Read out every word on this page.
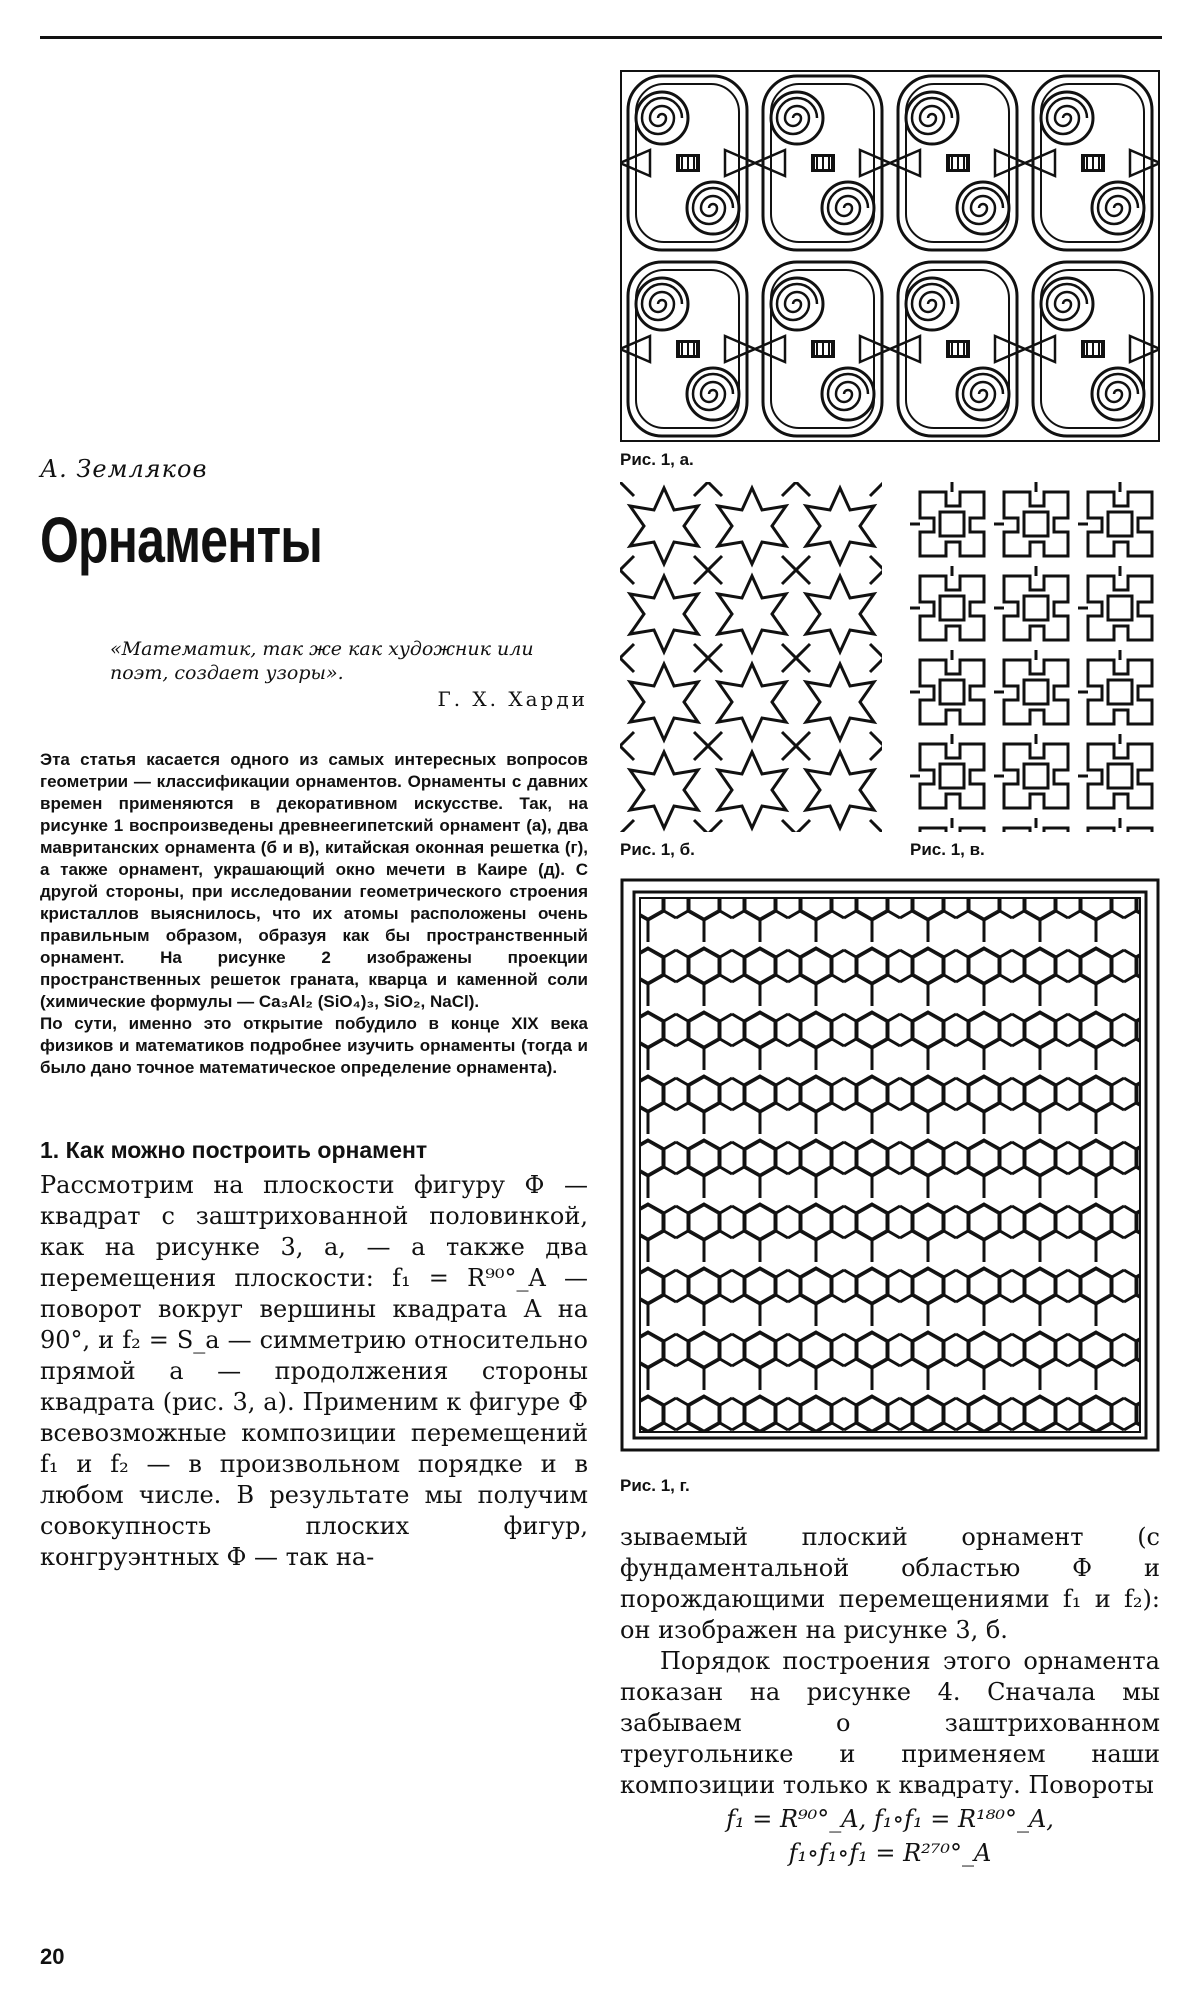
А. Земляков

Орнаменты
«Математик, так же как художник или поэт, создает узоры».
Г. Х. Харди

Эта статья касается одного из самых интересных вопросов геометрии — классификации орнаментов. Орнаменты с давних времен применяются в декоративном искусстве. Так, на рисунке 1 воспроизведены древнеегипетский орнамент (а), два мавританских орнамента (б и в), китайская оконная решетка (г), а также орнамент, украшающий окно мечети в Каире (д). С другой стороны, при исследовании геометрического строения кристаллов выяснилось, что их атомы расположены очень правильным образом, образуя как бы пространственный орнамент. На рисунке 2 изображены проекции пространственных решеток граната, кварца и каменной соли (химические формулы — Ca₃Al₂ (SiO₄)₃, SiO₂, NaCl).

По сути, именно это открытие побудило в конце XIX века физиков и математиков подробнее изучить орнаменты (тогда и было дано точное математическое определение орнамента).

1. Как можно построить орнамент

Рассмотрим на плоскости фигуру Ф — квадрат с заштрихованной половинкой, как на рисунке 3, а, — а также два перемещения плоскости: f₁ = R⁹⁰°_A — поворот вокруг вершины квадрата A на 90°, и f₂ = S_a — симметрию относительно прямой a — продолжения стороны квадрата (рис. 3, а). Применим к фигуре Ф всевозможные композиции перемещений f₁ и f₂ — в произвольном порядке и в любом числе. В результате мы получим совокупность плоских фигур, конгруэнтных Ф — так на-

Рис. 1, а.
Рис. 1, б.	Рис. 1, в.
Рис. 1, г.

зываемый плоский орнамент (с фундаментальной областью Ф и порождающими перемещениями f₁ и f₂): он изображен на рисунке 3, б.

Порядок построения этого орнамента показан на рисунке 4. Сначала мы забываем о заштрихованном треугольнике и применяем наши композиции только к квадрату. Повороты

f₁ = R⁹⁰°_A, f₁∘f₁ = R¹⁸⁰°_A,
f₁∘f₁∘f₁ = R²⁷⁰°_A
20
